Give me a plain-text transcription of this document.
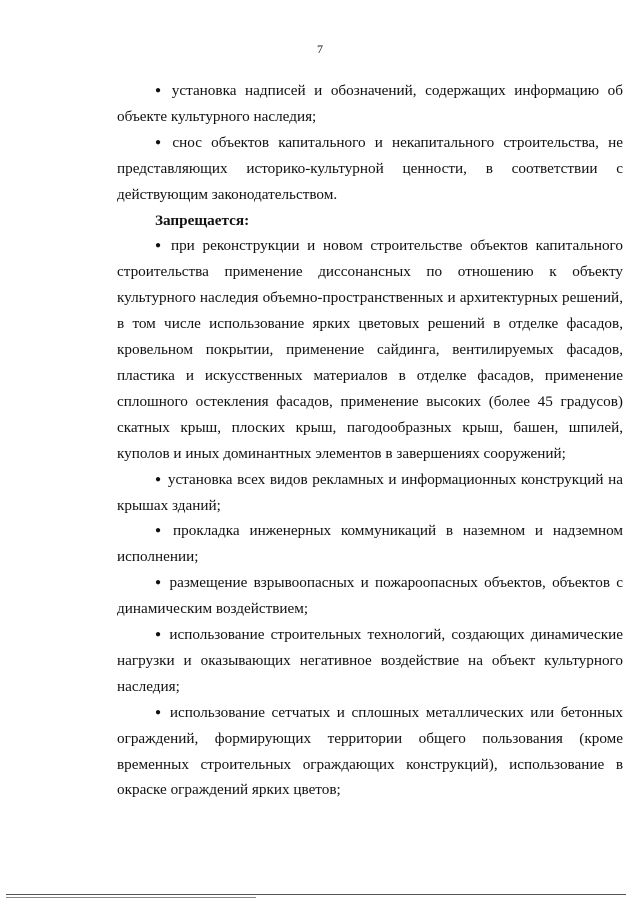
7

● установка надписей и обозначений, содержащих информацию об объекте культурного наследия;

● снос объектов капитального и некапитального строительства, не представляющих историко-культурной ценности, в соответствии с действующим законодательством.

Запрещается:

● при реконструкции и новом строительстве объектов капитального строительства применение диссонансных по отношению к объекту культурного наследия объемно-пространственных и архитектурных решений, в том числе использование ярких цветовых решений в отделке фасадов, кровельном покрытии, применение сайдинга, вентилируемых фасадов, пластика и искусственных материалов в отделке фасадов, применение сплошного остекления фасадов, применение высоких (более 45 градусов) скатных крыш, плоских крыш, пагодообразных крыш, башен, шпилей, куполов и иных доминантных элементов в завершениях сооружений;

● установка всех видов рекламных и информационных конструкций на крышах зданий;

● прокладка инженерных коммуникаций в наземном и надземном исполнении;

● размещение взрывоопасных и пожароопасных объектов, объектов с динамическим воздействием;

● использование строительных технологий, создающих динамические нагрузки и оказывающих негативное воздействие на объект культурного наследия;

● использование сетчатых и сплошных металлических или бетонных ограждений, формирующих территории общего пользования (кроме временных строительных ограждающих конструкций), использование в окраске ограждений ярких цветов;
